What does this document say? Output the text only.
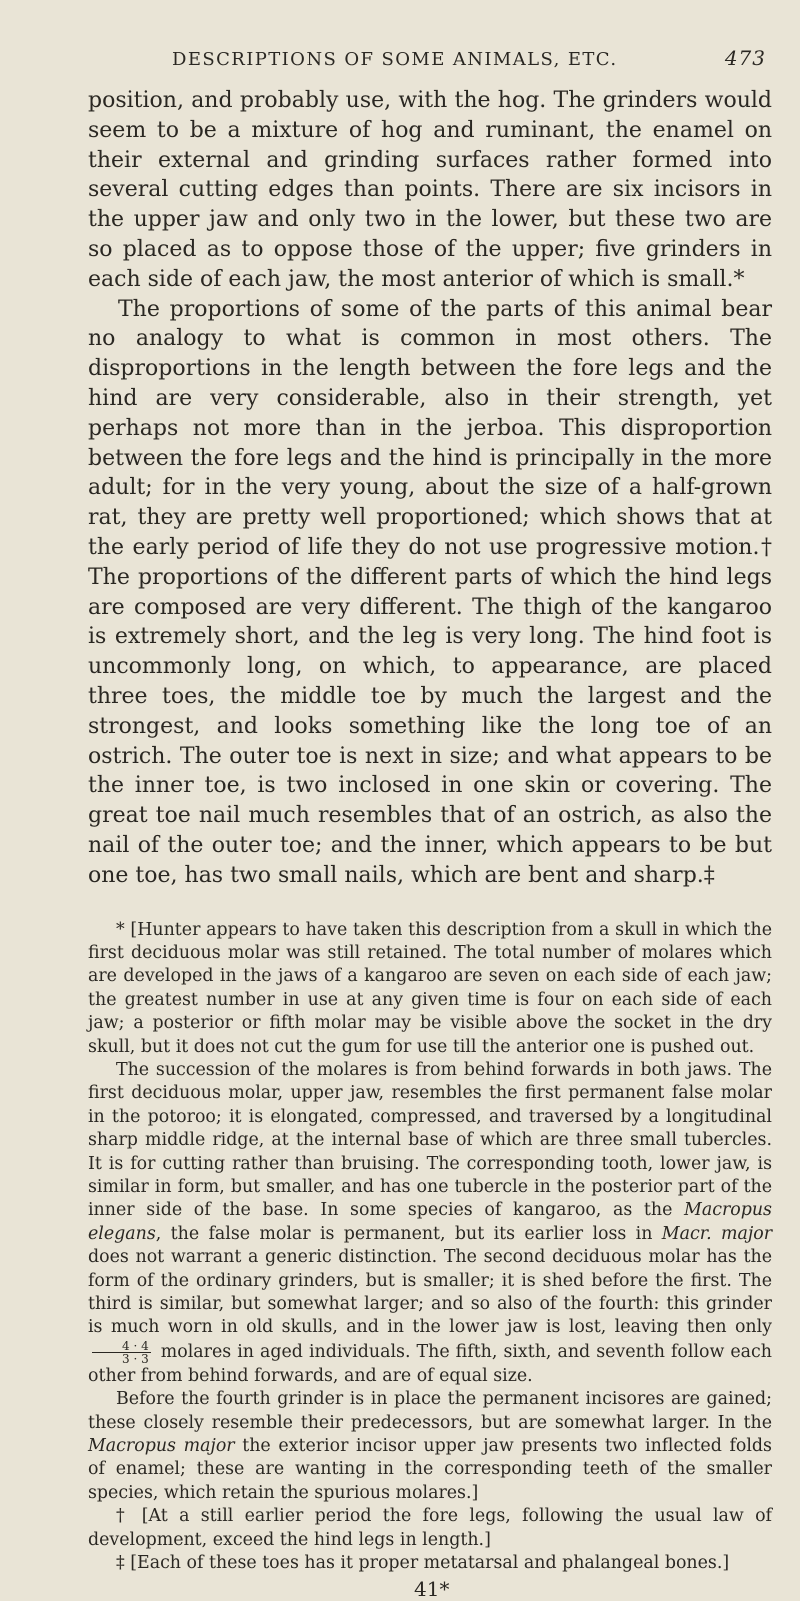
DESCRIPTIONS OF SOME ANIMALS, ETC.	473

position, and probably use, with the hog. The grinders would seem to be a mixture of hog and ruminant, the enamel on their external and grinding surfaces rather formed into several cutting edges than points. There are six incisors in the upper jaw and only two in the lower, but these two are so placed as to oppose those of the upper; five grinders in each side of each jaw, the most anterior of which is small.*

The proportions of some of the parts of this animal bear no analogy to what is common in most others. The disproportions in the length between the fore legs and the hind are very considerable, also in their strength, yet perhaps not more than in the jerboa. This disproportion between the fore legs and the hind is principally in the more adult; for in the very young, about the size of a half-grown rat, they are pretty well proportioned; which shows that at the early period of life they do not use progressive motion.† The proportions of the different parts of which the hind legs are composed are very different. The thigh of the kangaroo is extremely short, and the leg is very long. The hind foot is uncommonly long, on which, to appearance, are placed three toes, the middle toe by much the largest and the strongest, and looks something like the long toe of an ostrich. The outer toe is next in size; and what appears to be the inner toe, is two inclosed in one skin or covering. The great toe nail much resembles that of an ostrich, as also the nail of the outer toe; and the inner, which appears to be but one toe, has two small nails, which are bent and sharp.‡

* [Hunter appears to have taken this description from a skull in which the first deciduous molar was still retained. The total number of molares which are developed in the jaws of a kangaroo are seven on each side of each jaw; the greatest number in use at any given time is four on each side of each jaw; a posterior or fifth molar may be visible above the socket in the dry skull, but it does not cut the gum for use till the anterior one is pushed out.

The succession of the molares is from behind forwards in both jaws. The first deciduous molar, upper jaw, resembles the first permanent false molar in the potoroo; it is elongated, compressed, and traversed by a longitudinal sharp middle ridge, at the internal base of which are three small tubercles. It is for cutting rather than bruising. The corresponding tooth, lower jaw, is similar in form, but smaller, and has one tubercle in the posterior part of the inner side of the base. In some species of kangaroo, as the Macropus elegans, the false molar is permanent, but its earlier loss in Macr. major does not warrant a generic distinction. The second deciduous molar has the form of the ordinary grinders, but is smaller; it is shed before the first. The third is similar, but somewhat larger; and so also of the fourth: this grinder is much worn in old skulls, and in the lower jaw is lost, leaving then only
$\frac{4 \cdot 4}{3 \cdot 3}$ molares in aged individuals. The fifth, sixth, and seventh follow each other from behind forwards, and are of equal size.

Before the fourth grinder is in place the permanent incisores are gained; these closely resemble their predecessors, but are somewhat larger. In the Macropus major the exterior incisor upper jaw presents two inflected folds of enamel; these are wanting in the corresponding teeth of the smaller species, which retain the spurious molares.]

† [At a still earlier period the fore legs, following the usual law of development, exceed the hind legs in length.]

‡ [Each of these toes has it proper metatarsal and phalangeal bones.]

41*
